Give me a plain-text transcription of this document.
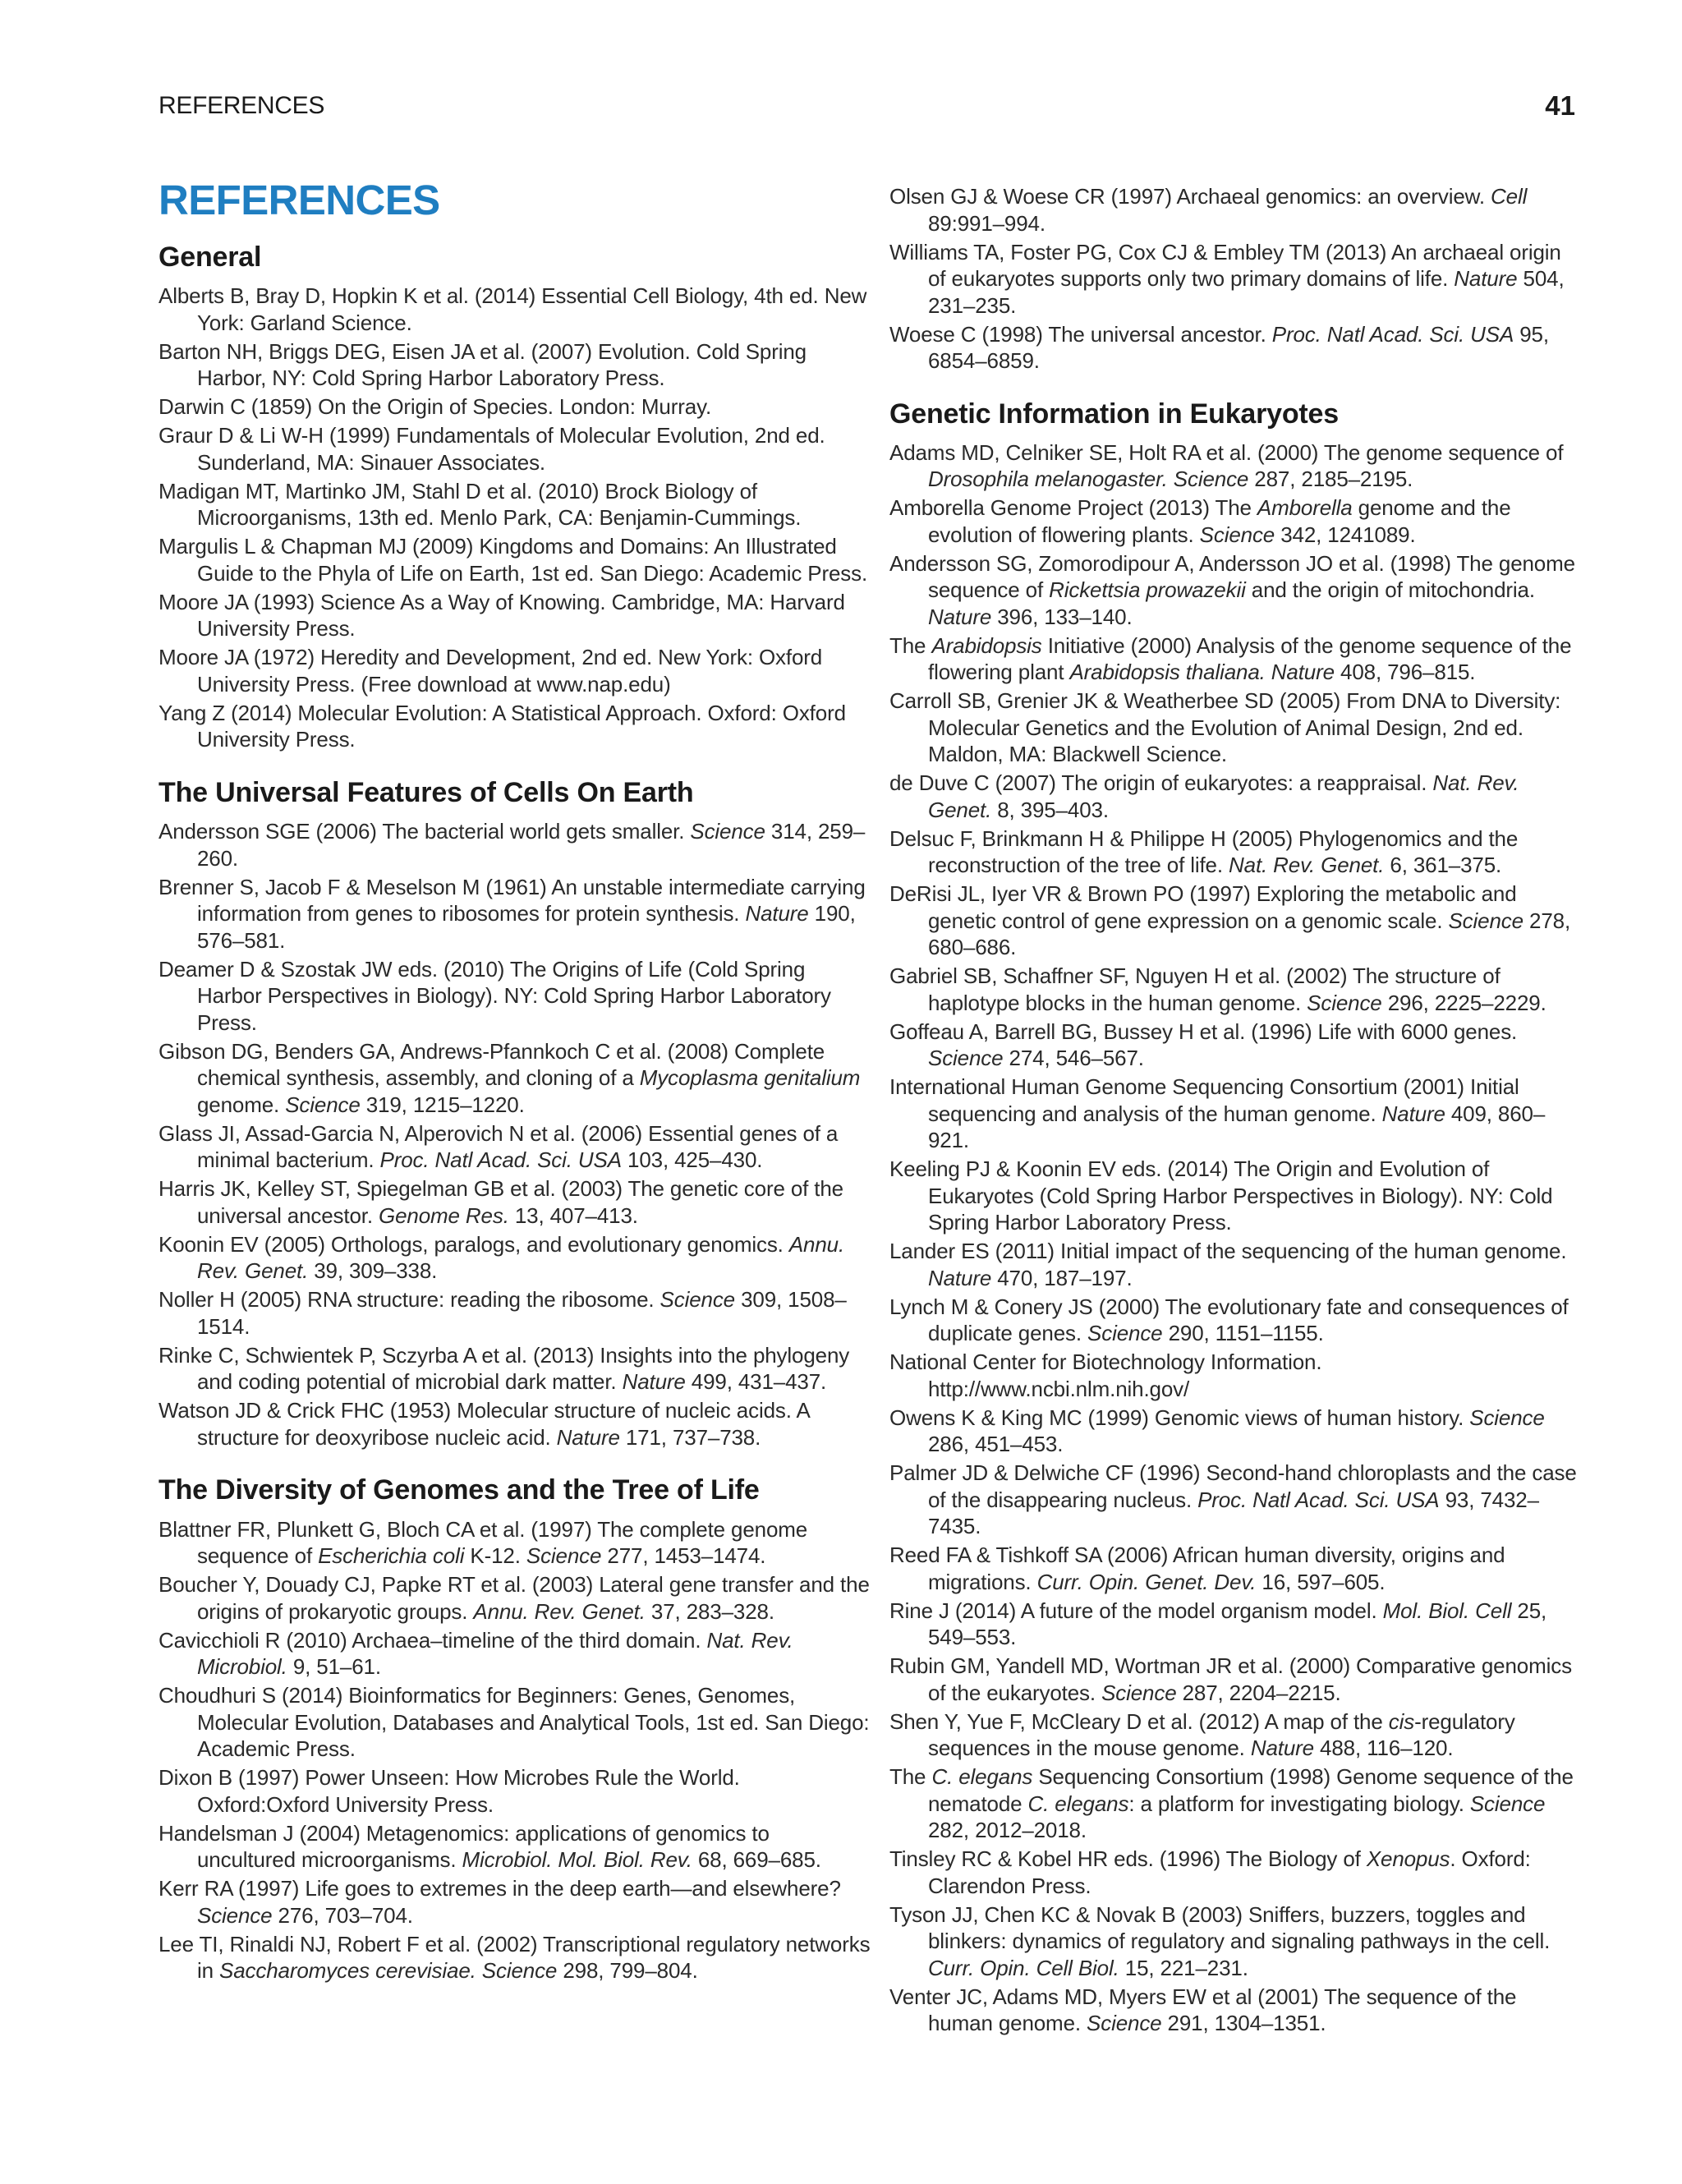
REFERENCES	41
REFERENCES
General

Alberts B, Bray D, Hopkin K et al. (2014) Essential Cell Biology, 4th ed. New York: Garland Science.

Barton NH, Briggs DEG, Eisen JA et al. (2007) Evolution. Cold Spring Harbor, NY: Cold Spring Harbor Laboratory Press.

Darwin C (1859) On the Origin of Species. London: Murray.

Graur D & Li W-H (1999) Fundamentals of Molecular Evolution, 2nd ed. Sunderland, MA: Sinauer Associates.

Madigan MT, Martinko JM, Stahl D et al. (2010) Brock Biology of Microorganisms, 13th ed. Menlo Park, CA: Benjamin-Cummings.

Margulis L & Chapman MJ (2009) Kingdoms and Domains: An Illustrated Guide to the Phyla of Life on Earth, 1st ed. San Diego: Academic Press.

Moore JA (1993) Science As a Way of Knowing. Cambridge, MA: Harvard University Press.

Moore JA (1972) Heredity and Development, 2nd ed. New York: Oxford University Press. (Free download at www.nap.edu)

Yang Z (2014) Molecular Evolution: A Statistical Approach. Oxford: Oxford University Press.

The Universal Features of Cells On Earth

Andersson SGE (2006) The bacterial world gets smaller. Science 314, 259–260.

Brenner S, Jacob F & Meselson M (1961) An unstable intermediate carrying information from genes to ribosomes for protein synthesis. Nature 190, 576–581.

Deamer D & Szostak JW eds. (2010) The Origins of Life (Cold Spring Harbor Perspectives in Biology). NY: Cold Spring Harbor Laboratory Press.

Gibson DG, Benders GA, Andrews-Pfannkoch C et al. (2008) Complete chemical synthesis, assembly, and cloning of a Mycoplasma genitalium genome. Science 319, 1215–1220.

Glass JI, Assad-Garcia N, Alperovich N et al. (2006) Essential genes of a minimal bacterium. Proc. Natl Acad. Sci. USA 103, 425–430.

Harris JK, Kelley ST, Spiegelman GB et al. (2003) The genetic core of the universal ancestor. Genome Res. 13, 407–413.

Koonin EV (2005) Orthologs, paralogs, and evolutionary genomics. Annu. Rev. Genet. 39, 309–338.

Noller H (2005) RNA structure: reading the ribosome. Science 309, 1508–1514.

Rinke C, Schwientek P, Sczyrba A et al. (2013) Insights into the phylogeny and coding potential of microbial dark matter. Nature 499, 431–437.

Watson JD & Crick FHC (1953) Molecular structure of nucleic acids. A structure for deoxyribose nucleic acid. Nature 171, 737–738.

The Diversity of Genomes and the Tree of Life

Blattner FR, Plunkett G, Bloch CA et al. (1997) The complete genome sequence of Escherichia coli K-12. Science 277, 1453–1474.

Boucher Y, Douady CJ, Papke RT et al. (2003) Lateral gene transfer and the origins of prokaryotic groups. Annu. Rev. Genet. 37, 283–328.

Cavicchioli R (2010) Archaea–timeline of the third domain. Nat. Rev. Microbiol. 9, 51–61.

Choudhuri S (2014) Bioinformatics for Beginners: Genes, Genomes, Molecular Evolution, Databases and Analytical Tools, 1st ed. San Diego: Academic Press.

Dixon B (1997) Power Unseen: How Microbes Rule the World. Oxford:Oxford University Press.

Handelsman J (2004) Metagenomics: applications of genomics to uncultured microorganisms. Microbiol. Mol. Biol. Rev. 68, 669–685.

Kerr RA (1997) Life goes to extremes in the deep earth—and elsewhere? Science 276, 703–704.

Lee TI, Rinaldi NJ, Robert F et al. (2002) Transcriptional regulatory networks in Saccharomyces cerevisiae. Science 298, 799–804.

Olsen GJ & Woese CR (1997) Archaeal genomics: an overview. Cell 89:991–994.

Williams TA, Foster PG, Cox CJ & Embley TM (2013) An archaeal origin of eukaryotes supports only two primary domains of life. Nature 504, 231–235.

Woese C (1998) The universal ancestor. Proc. Natl Acad. Sci. USA 95, 6854–6859.

Genetic Information in Eukaryotes

Adams MD, Celniker SE, Holt RA et al. (2000) The genome sequence of Drosophila melanogaster. Science 287, 2185–2195.

Amborella Genome Project (2013) The Amborella genome and the evolution of flowering plants. Science 342, 1241089.

Andersson SG, Zomorodipour A, Andersson JO et al. (1998) The genome sequence of Rickettsia prowazekii and the origin of mitochondria. Nature 396, 133–140.

The Arabidopsis Initiative (2000) Analysis of the genome sequence of the flowering plant Arabidopsis thaliana. Nature 408, 796–815.

Carroll SB, Grenier JK & Weatherbee SD (2005) From DNA to Diversity: Molecular Genetics and the Evolution of Animal Design, 2nd ed. Maldon, MA: Blackwell Science.

de Duve C (2007) The origin of eukaryotes: a reappraisal. Nat. Rev. Genet. 8, 395–403.

Delsuc F, Brinkmann H & Philippe H (2005) Phylogenomics and the reconstruction of the tree of life. Nat. Rev. Genet. 6, 361–375.

DeRisi JL, Iyer VR & Brown PO (1997) Exploring the metabolic and genetic control of gene expression on a genomic scale. Science 278, 680–686.

Gabriel SB, Schaffner SF, Nguyen H et al. (2002) The structure of haplotype blocks in the human genome. Science 296, 2225–2229.

Goffeau A, Barrell BG, Bussey H et al. (1996) Life with 6000 genes. Science 274, 546–567.

International Human Genome Sequencing Consortium (2001) Initial sequencing and analysis of the human genome. Nature 409, 860–921.

Keeling PJ & Koonin EV eds. (2014) The Origin and Evolution of Eukaryotes (Cold Spring Harbor Perspectives in Biology). NY: Cold Spring Harbor Laboratory Press.

Lander ES (2011) Initial impact of the sequencing of the human genome. Nature 470, 187–197.

Lynch M & Conery JS (2000) The evolutionary fate and consequences of duplicate genes. Science 290, 1151–1155.

National Center for Biotechnology Information. http://www.ncbi.nlm.nih.gov/

Owens K & King MC (1999) Genomic views of human history. Science 286, 451–453.

Palmer JD & Delwiche CF (1996) Second-hand chloroplasts and the case of the disappearing nucleus. Proc. Natl Acad. Sci. USA 93, 7432–7435.

Reed FA & Tishkoff SA (2006) African human diversity, origins and migrations. Curr. Opin. Genet. Dev. 16, 597–605.

Rine J (2014) A future of the model organism model. Mol. Biol. Cell 25, 549–553.

Rubin GM, Yandell MD, Wortman JR et al. (2000) Comparative genomics of the eukaryotes. Science 287, 2204–2215.

Shen Y, Yue F, McCleary D et al. (2012) A map of the cis-regulatory sequences in the mouse genome. Nature 488, 116–120.

The C. elegans Sequencing Consortium (1998) Genome sequence of the nematode C. elegans: a platform for investigating biology. Science 282, 2012–2018.

Tinsley RC & Kobel HR eds. (1996) The Biology of Xenopus. Oxford: Clarendon Press.

Tyson JJ, Chen KC & Novak B (2003) Sniffers, buzzers, toggles and blinkers: dynamics of regulatory and signaling pathways in the cell. Curr. Opin. Cell Biol. 15, 221–231.

Venter JC, Adams MD, Myers EW et al (2001) The sequence of the human genome. Science 291, 1304–1351.
